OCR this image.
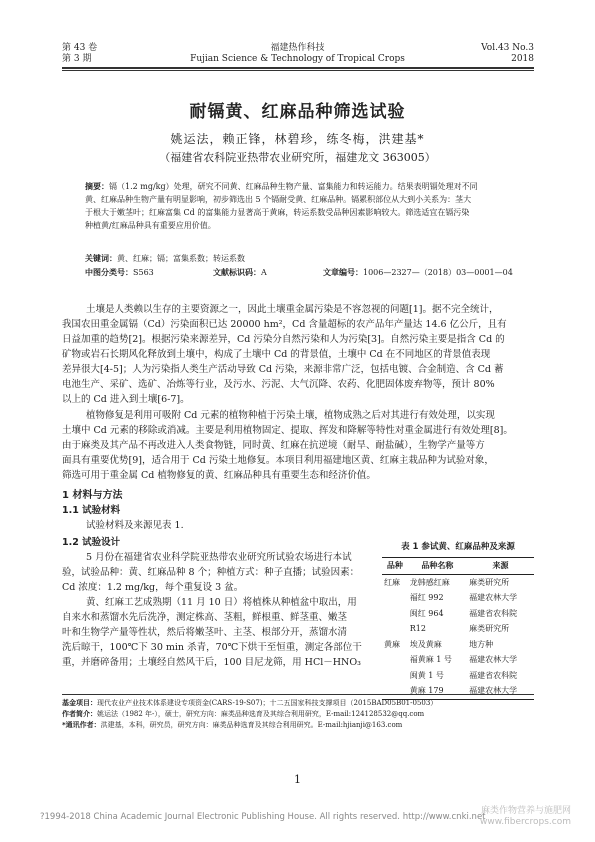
第 43 卷
第 3 期
福建热作科技
Fujian Science & Technology of Tropical Crops
Vol.43 No.3
2018
耐镉黄、红麻品种筛选试验
姚运法，赖正锋，林碧珍，练冬梅，洪建基*
（福建省农科院亚热带农业研究所，福建龙文 363005）
摘要：镉（1.2 mg/kg）处理，研究不同黄、红麻品种生物产量、富集能力和转运能力。结果表明镉处理对不同
黄、红麻品种生物产量有明显影响，初步筛选出 5 个镉耐受黄、红麻品种。镉累积部位从大到小关系为：茎大
于根大于嫩茎叶；红麻富集 Cd 的富集能力显著高于黄麻，转运系数受品种因素影响较大。筛选适宜在镉污染
种植黄/红麻品种具有重要应用价值。
关键词：黄、红麻；镉；富集系数；转运系数
中图分类号：S563	文献标识码：A	文章编号：1006—2327—（2018）03—0001—04
土壤是人类赖以生存的主要资源之一，因此土壤重金属污染是不容忽视的问题[1]。据不完全统计，
我国农田重金属镉（Cd）污染面积已达 20000 hm²，Cd 含量超标的农产品年产量达 14.6 亿公斤，且有
日益加重的趋势[2]。根据污染来源差异，Cd 污染分自然污染和人为污染[3]。自然污染主要是指含 Cd 的
矿物或岩石长期风化释放到土壤中，构成了土壤中 Cd 的背景值，土壤中 Cd 在不同地区的背景值表现
差异很大[4-5]；人为污染指人类生产活动导致 Cd 污染，来源非常广泛，包括电镀、合金制造、含 Cd 蓄
电池生产、采矿、选矿、冶炼等行业，及污水、污泥、大气沉降、农药、化肥固体废弃物等，预计 80%
以上的 Cd 进入到土壤[6-7]。
植物修复是利用可吸附 Cd 元素的植物种植于污染土壤，植物成熟之后对其进行有效处理，以实现
土壤中 Cd 元素的移除或消减。主要是利用植物固定、提取、挥发和降解等特性对重金属进行有效处理[8]。
由于麻类及其产品不再改进入人类食物链，同时黄、红麻在抗逆境（耐旱、耐盐碱），生物学产量等方
面具有重要优势[9]，适合用于 Cd 污染土地修复。本项目利用福建地区黄、红麻主栽品种为试验对象，
筛选可用于重金属 Cd 植物修复的黄、红麻品种具有重要生态和经济价值。
1 材料与方法
1.1 试验材料
试验材料及来源见表 1.
1.2 试验设计
5 月份在福建省农业科学院亚热带农业研究所试验农场进行本试
验，试验品种：黄、红麻品种 8 个；种植方式：种子直播；试验因素：
Cd 浓度：1.2 mg/kg，每个重复设 3 盆。
黄、红麻工艺成熟期（11 月 10 日）将植株从种植盆中取出，用
自来水和蒸馏水先后洗净，测定株高、茎粗，鲜根重、鲜茎重、嫩茎
叶和生物学产量等性状，然后将嫩茎叶、主茎、根部分开，蒸馏水清
洗后晾干，100℃下 30 min 杀青，70℃下烘干至恒重，测定各部位干
重，并磨碎备用；土壤经自然风干后，100 目尼龙筛，用 HCl－HNO₃
表 1 参试黄、红麻品种及来源
品种	品种名称	来源
红麻	龙韩感红麻	麻类研究所
	福红 992	福建农林大学
	闽红 964	福建省农科院
	R12	麻类研究所
黄麻	埃及黄麻	地方种
	福黄麻 1 号	福建农林大学
	闽黄 1 号	福建省农科院
	黄麻 179	福建农林大学
基金项目：现代农业产业技术体系建设专项资金(CARS-19-S07)；十二五国家科技支撑项目（2015BAD05B01-0503）
作者简介：姚运法（1982 年-），硕士，研究方向：麻类品种选育及其综合利用研究，E-mail:124128532@qq.com
*通讯作者：洪建基，本科，研究员，研究方向：麻类品种选育及其综合利用研究。E-mail:hjianji@163.com
1
?1994-2018 China Academic Journal Electronic Publishing House. All rights reserved. http://www.cnki.net
麻类作物营养与施肥网
www.fibercrops.com
